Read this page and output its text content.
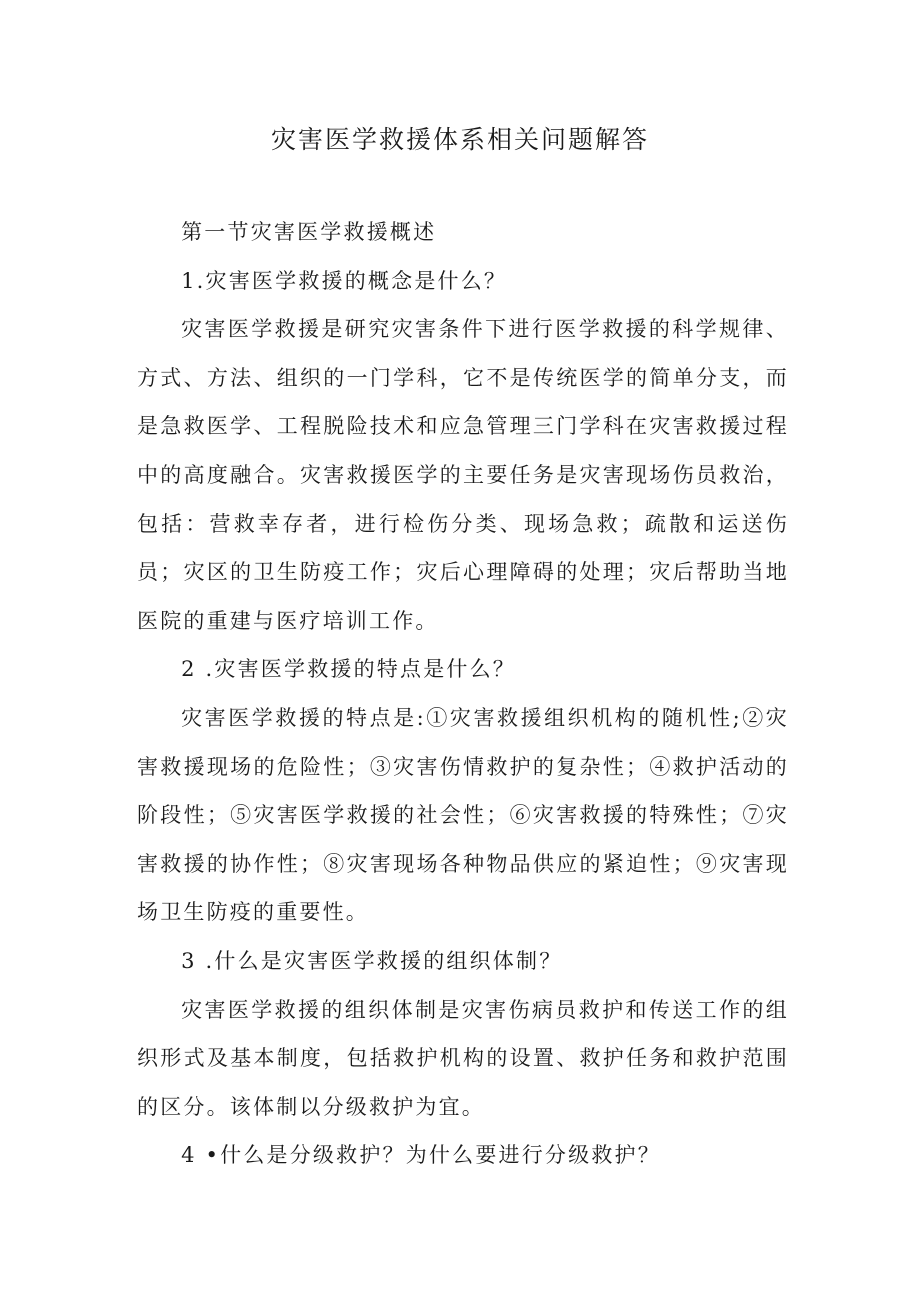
灾害医学救援体系相关问题解答

第一节灾害医学救援概述

1.灾害医学救援的概念是什么？

灾害医学救援是研究灾害条件下进行医学救援的科学规律、方式、方法、组织的一门学科，它不是传统医学的简单分支，而是急救医学、工程脱险技术和应急管理三门学科在灾害救援过程中的高度融合。灾害救援医学的主要任务是灾害现场伤员救治，包括：营救幸存者，进行检伤分类、现场急救；疏散和运送伤员；灾区的卫生防疫工作；灾后心理障碍的处理；灾后帮助当地医院的重建与医疗培训工作。

2 .灾害医学救援的特点是什么？

灾害医学救援的特点是:①灾害救援组织机构的随机性;②灾害救援现场的危险性；③灾害伤情救护的复杂性；④救护活动的阶段性；⑤灾害医学救援的社会性；⑥灾害救援的特殊性；⑦灾害救援的协作性；⑧灾害现场各种物品供应的紧迫性；⑨灾害现场卫生防疫的重要性。

3 .什么是灾害医学救援的组织体制？

灾害医学救援的组织体制是灾害伤病员救护和传送工作的组织形式及基本制度，包括救护机构的设置、救护任务和救护范围的区分。该体制以分级救护为宜。

4 •什么是分级救护？为什么要进行分级救护？
